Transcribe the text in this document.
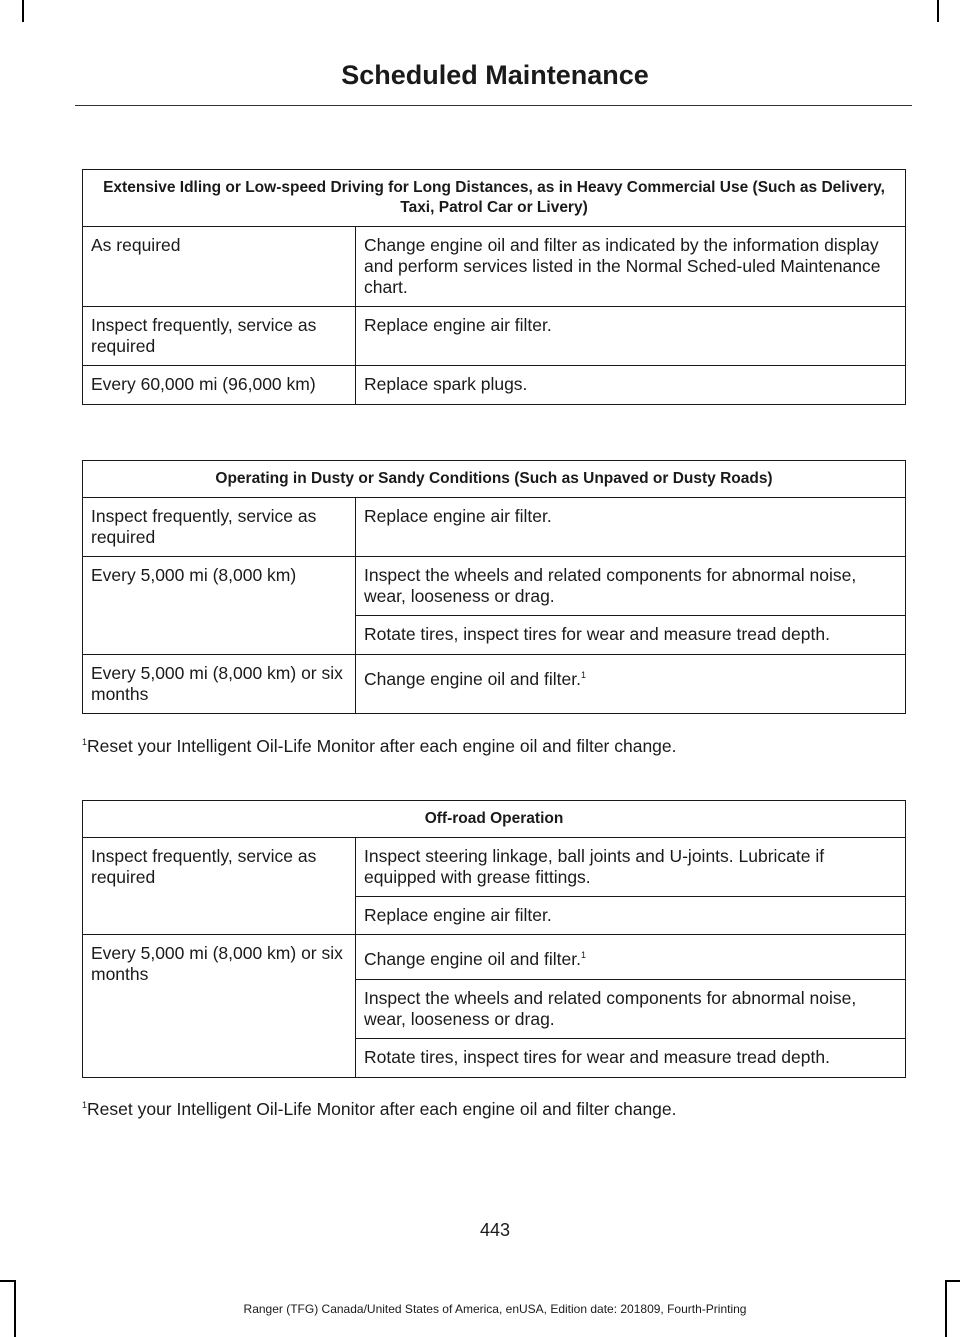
Scheduled Maintenance
Extensive Idling or Low-speed Driving for Long Distances, as in Heavy Commercial Use (Such as Delivery, Taxi, Patrol Car or Livery)	
As required	Change engine oil and filter as indicated by the information display and perform services listed in the Normal Sched-uled Maintenance chart.
Inspect frequently, service as required	Replace engine air filter.
Every 60,000 mi (96,000 km)	Replace spark plugs.
Operating in Dusty or Sandy Conditions (Such as Unpaved or Dusty Roads)	
Inspect frequently, service as required	Replace engine air filter.
Every 5,000 mi (8,000 km)	Inspect the wheels and related components for abnormal noise, wear, looseness or drag.
	Rotate tires, inspect tires for wear and measure tread depth.
Every 5,000 mi (8,000 km) or six months	Change engine oil and filter.$^1$
$^1$Reset your Intelligent Oil-Life Monitor after each engine oil and filter change.
Off-road Operation	
Inspect frequently, service as required	Inspect steering linkage, ball joints and U-joints. Lubricate if equipped with grease fittings.
	Replace engine air filter.
Every 5,000 mi (8,000 km) or six months	Change engine oil and filter.$^1$
	Inspect the wheels and related components for abnormal noise, wear, looseness or drag.
	Rotate tires, inspect tires for wear and measure tread depth.
$^1$Reset your Intelligent Oil-Life Monitor after each engine oil and filter change.
443
Ranger (TFG) Canada/United States of America, enUSA, Edition date: 201809, Fourth-Printing
